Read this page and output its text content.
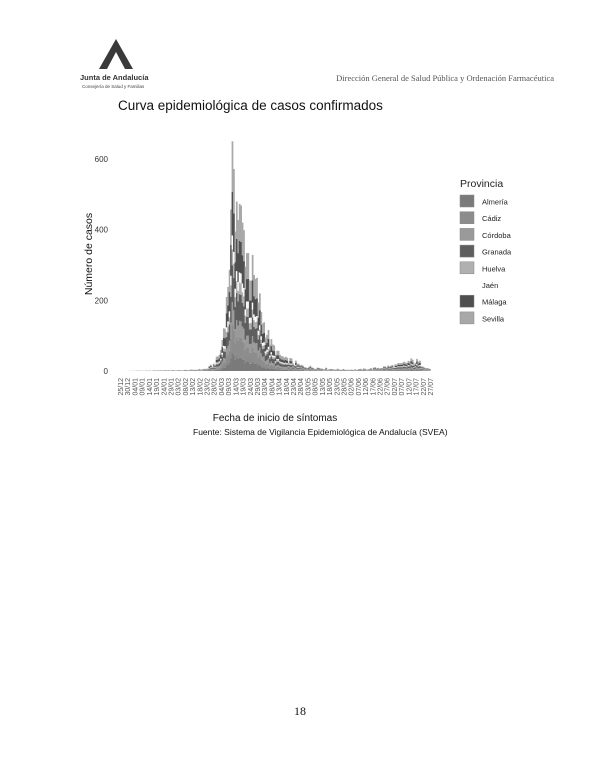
Junta de Andalucía
Consejería de Salud y Familias
Dirección General de Salud Pública y Ordenación Farmacéutica
Curva epidemiológica de casos confirmados
0
200
400
600
Número de casos
25/12 30/12 04/01 09/01 14/01 19/01 24/01 29/01 03/02 08/02 13/02 18/02 23/02 28/02 04/03 09/03 14/03 19/03 24/03 29/03 03/04 08/04 13/04 18/04 23/04 28/04 03/05 08/05 13/05 18/05 23/05 28/05 02/06 07/06 12/06 17/06 22/06 27/06 02/07 07/07 12/07 17/07 22/07 27/07
Fecha de inicio de síntomas
Provincia
Almería
Cádiz
Córdoba
Granada
Huelva
Jaén
Málaga
Sevilla
Fuente: Sistema de Vigilancia Epidemiológica de Andalucía (SVEA)
18
